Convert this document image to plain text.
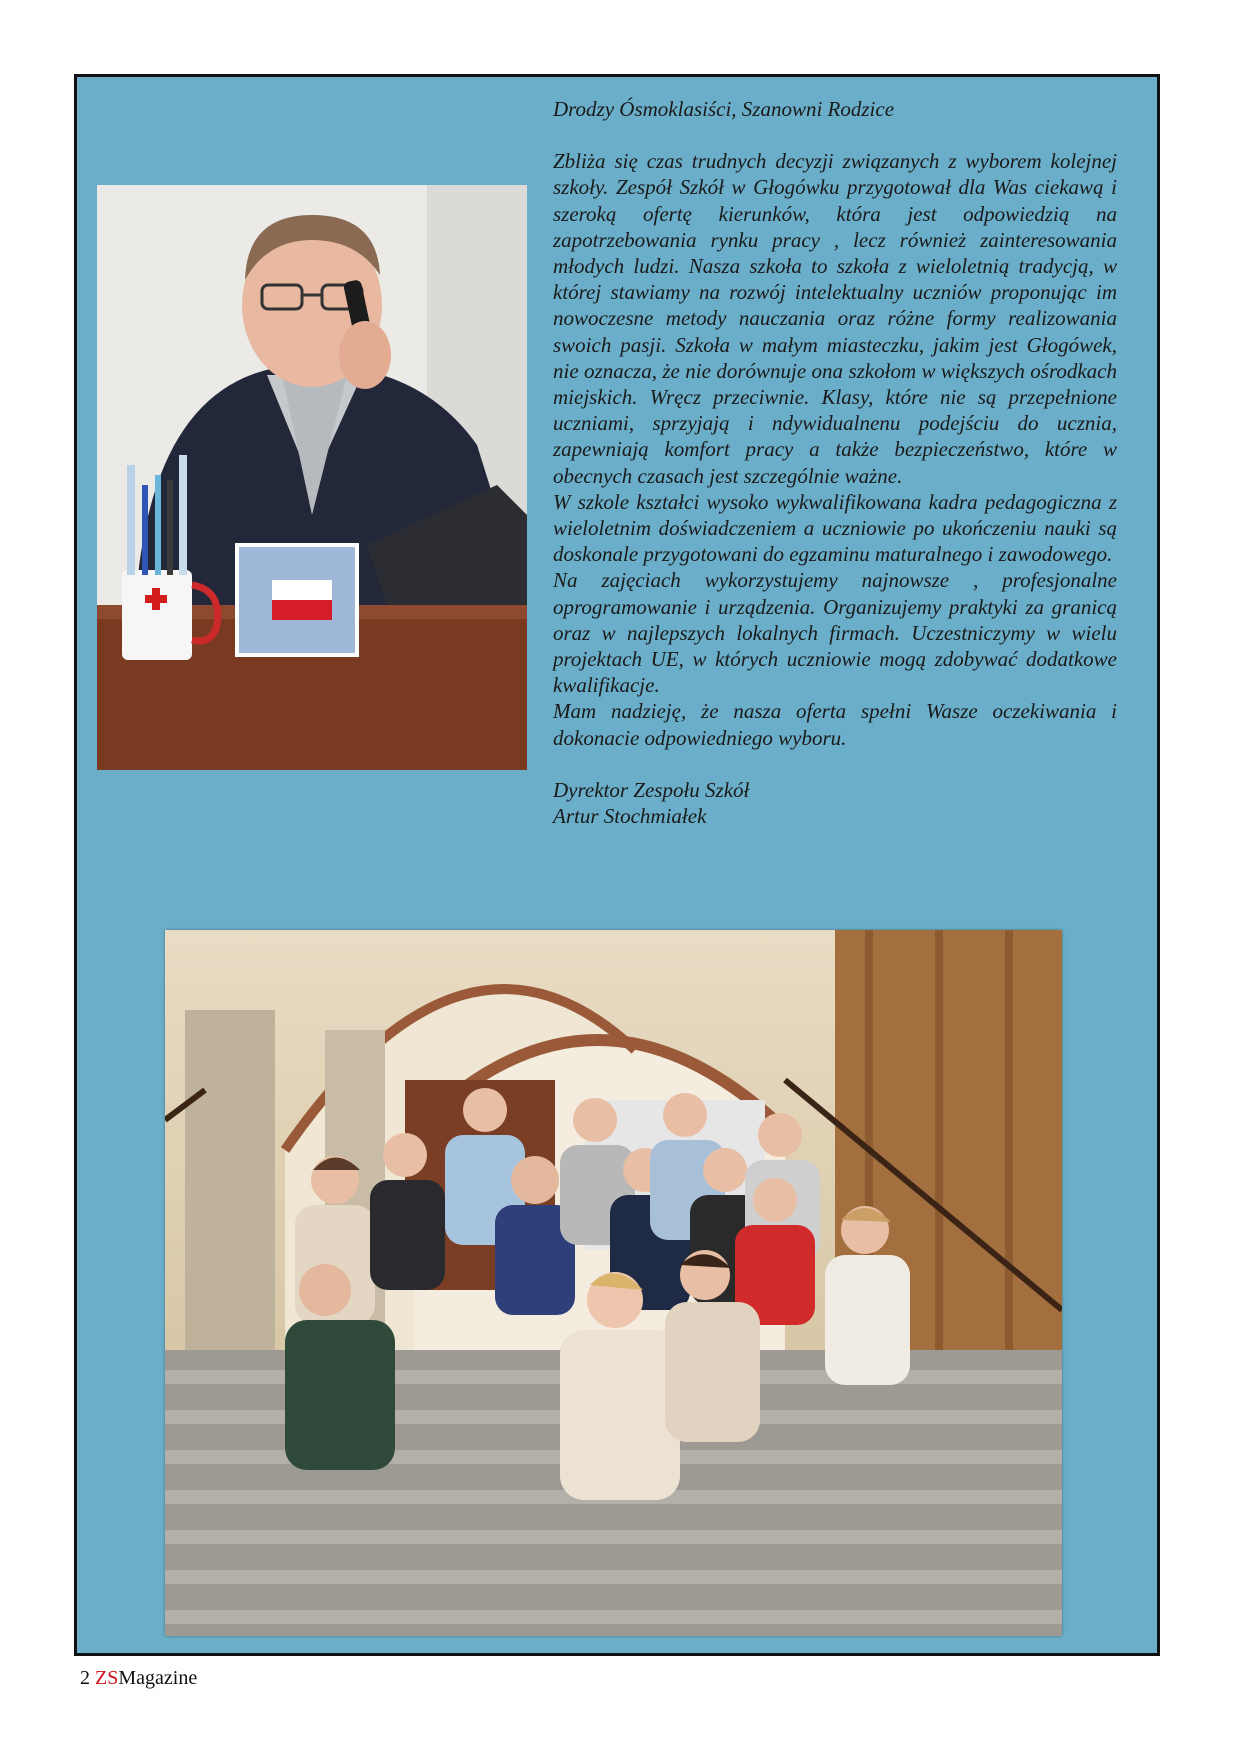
Drodzy Ósmoklasiści, Szanowni Rodzice

Zbliża się czas trudnych decyzji związanych z wyborem kolejnej szkoły. Zespół Szkół w Głogówku przygotował dla Was ciekawą i szeroką ofertę kierunków, która jest odpowiedzią na zapotrzebowania rynku pracy , lecz również zainteresowania młodych ludzi. Nasza szkoła to szkoła z wieloletnią tradycją, w której stawiamy na rozwój intelektualny uczniów proponując im nowoczesne metody nauczania oraz różne formy realizowania swoich pasji. Szkoła w małym miasteczku, jakim jest Głogówek, nie oznacza, że nie dorównuje ona szkołom w większych ośrodkach miejskich. Wręcz przeciwnie. Klasy, które nie są przepełnione uczniami, sprzyjają i ndywidualnenu podejściu do ucznia, zapewniają komfort pracy a także bezpieczeństwo, które w obecnych czasach jest szczególnie ważne.

W szkole kształci wysoko wykwalifikowana kadra pedagogiczna z wieloletnim doświadczeniem a uczniowie po ukończeniu nauki są doskonale przygotowani do egzaminu maturalnego i zawodowego.

Na zajęciach wykorzystujemy najnowsze , profesjonalne oprogramowanie i urządzenia. Organizujemy praktyki za granicą oraz w najlepszych lokalnych firmach. Uczestniczymy w wielu projektach UE, w których uczniowie mogą zdobywać dodatkowe kwalifikacje.

Mam nadzieję, że nasza oferta spełni Wasze oczekiwania i dokonacie odpowiedniego wyboru.

Dyrektor Zespołu Szkół
Artur Stochmiałek
2 ZSMagazine
